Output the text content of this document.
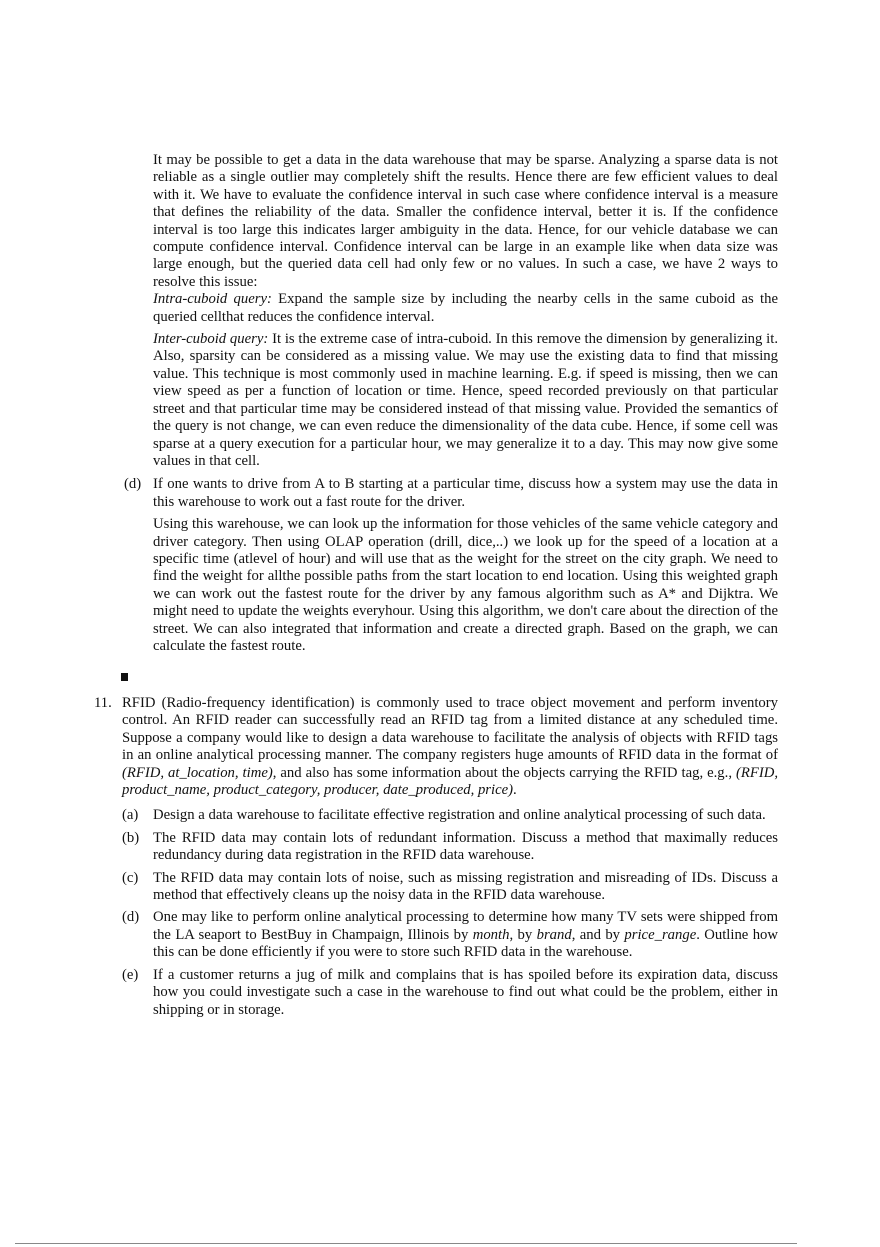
It may be possible to get a data in the data warehouse that may be sparse. Analyzing a sparse data is not reliable as a single outlier may completely shift the results. Hence there are few efficient values to deal with it. We have to evaluate the confidence interval in such case where confidence interval is a measure that defines the reliability of the data. Smaller the confidence interval, better it is. If the confidence interval is too large this indicates larger ambiguity in the data. Hence, for our vehicle database we can compute confidence interval. Confidence interval can be large in an example like when data size was large enough, but the queried data cell had only few or no values. In such a case, we have 2 ways to resolve this issue:

Intra-cuboid query: Expand the sample size by including the nearby cells in the same cuboid as the queried cellthat reduces the confidence interval.

Inter-cuboid query: It is the extreme case of intra-cuboid. In this remove the dimension by generalizing it. Also, sparsity can be considered as a missing value. We may use the existing data to find that missing value. This technique is most commonly used in machine learning. E.g. if speed is missing, then we can view speed as per a function of location or time. Hence, speed recorded previously on that particular street and that particular time may be considered instead of that missing value. Provided the semantics of the query is not change, we can even reduce the dimensionality of the data cube. Hence, if some cell was sparse at a query execution for a particular hour, we may generalize it to a day. This may now give some values in that cell.

(d) If one wants to drive from A to B starting at a particular time, discuss how a system may use the data in this warehouse to work out a fast route for the driver.

Using this warehouse, we can look up the information for those vehicles of the same vehicle category and driver category. Then using OLAP operation (drill, dice,..) we look up for the speed of a location at a specific time (atlevel of hour) and will use that as the weight for the street on the city graph. We need to find the weight for allthe possible paths from the start location to end location. Using this weighted graph we can work out the fastest route for the driver by any famous algorithm such as A* and Dijktra. We might need to update the weights everyhour. Using this algorithm, we don't care about the direction of the street. We can also integrated that information and create a directed graph. Based on the graph, we can calculate the fastest route.

11. RFID (Radio-frequency identification) is commonly used to trace object movement and perform inventory control. An RFID reader can successfully read an RFID tag from a limited distance at any scheduled time. Suppose a company would like to design a data warehouse to facilitate the analysis of objects with RFID tags in an online analytical processing manner. The company registers huge amounts of RFID data in the format of (RFID, at_location, time), and also has some information about the objects carrying the RFID tag, e.g., (RFID, product_name, product_category, producer, date_produced, price).

(a) Design a data warehouse to facilitate effective registration and online analytical processing of such data.

(b) The RFID data may contain lots of redundant information. Discuss a method that maximally reduces redundancy during data registration in the RFID data warehouse.

(c) The RFID data may contain lots of noise, such as missing registration and misreading of IDs. Discuss a method that effectively cleans up the noisy data in the RFID data warehouse.

(d) One may like to perform online analytical processing to determine how many TV sets were shipped from the LA seaport to BestBuy in Champaign, Illinois by month, by brand, and by price_range. Outline how this can be done efficiently if you were to store such RFID data in the warehouse.

(e) If a customer returns a jug of milk and complains that is has spoiled before its expiration data, discuss how you could investigate such a case in the warehouse to find out what could be the problem, either in shipping or in storage.
